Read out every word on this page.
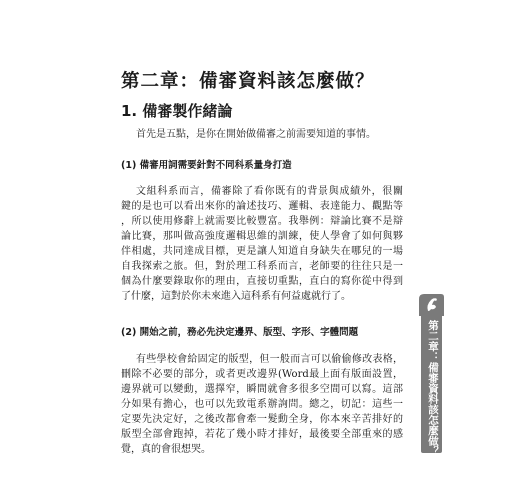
第二章：備審資料該怎麼做？
1. 備審製作緒論

首先是五點，是你在開始做備審之前需要知道的事情。

(1) 備審用詞需要針對不同科系量身打造

文組科系而言，備審除了看你既有的背景與成績外，很關

鍵的是也可以看出來你的論述技巧、邏輯、表達能力、觀點等

，所以使用修辭上就需要比較豐富。我舉例：辯論比賽不是辯

論比賽，那叫做高強度邏輯思維的訓練，使人學會了如何與夥

伴相處，共同達成目標，更是讓人知道自身缺失在哪兒的一場

自我探索之旅。但，對於理工科系而言，老師要的往往只是一

個為什麼要錄取你的理由，直接切重點，直白的寫你從中得到

了什麼，這對於你未來進入這科系有何益處就行了。

(2) 開始之前，務必先決定邊界、版型、字形、字體問題

有些學校會給固定的版型，但一般而言可以偷偷修改表格，

刪除不必要的部分，或者更改邊界(Word最上面有版面設置，

邊界就可以變動，選擇窄，瞬間就會多很多空間可以寫。這部

分如果有擔心，也可以先致電系辦詢問。總之，切記：這些一

定要先決定好，之後改都會牽一髮動全身，你本來辛苦排好的

版型全部會跑掉，若花了幾小時才排好，最後要全部重來的感

覺，真的會很想哭。	第二章：備審資料該怎麼做？
